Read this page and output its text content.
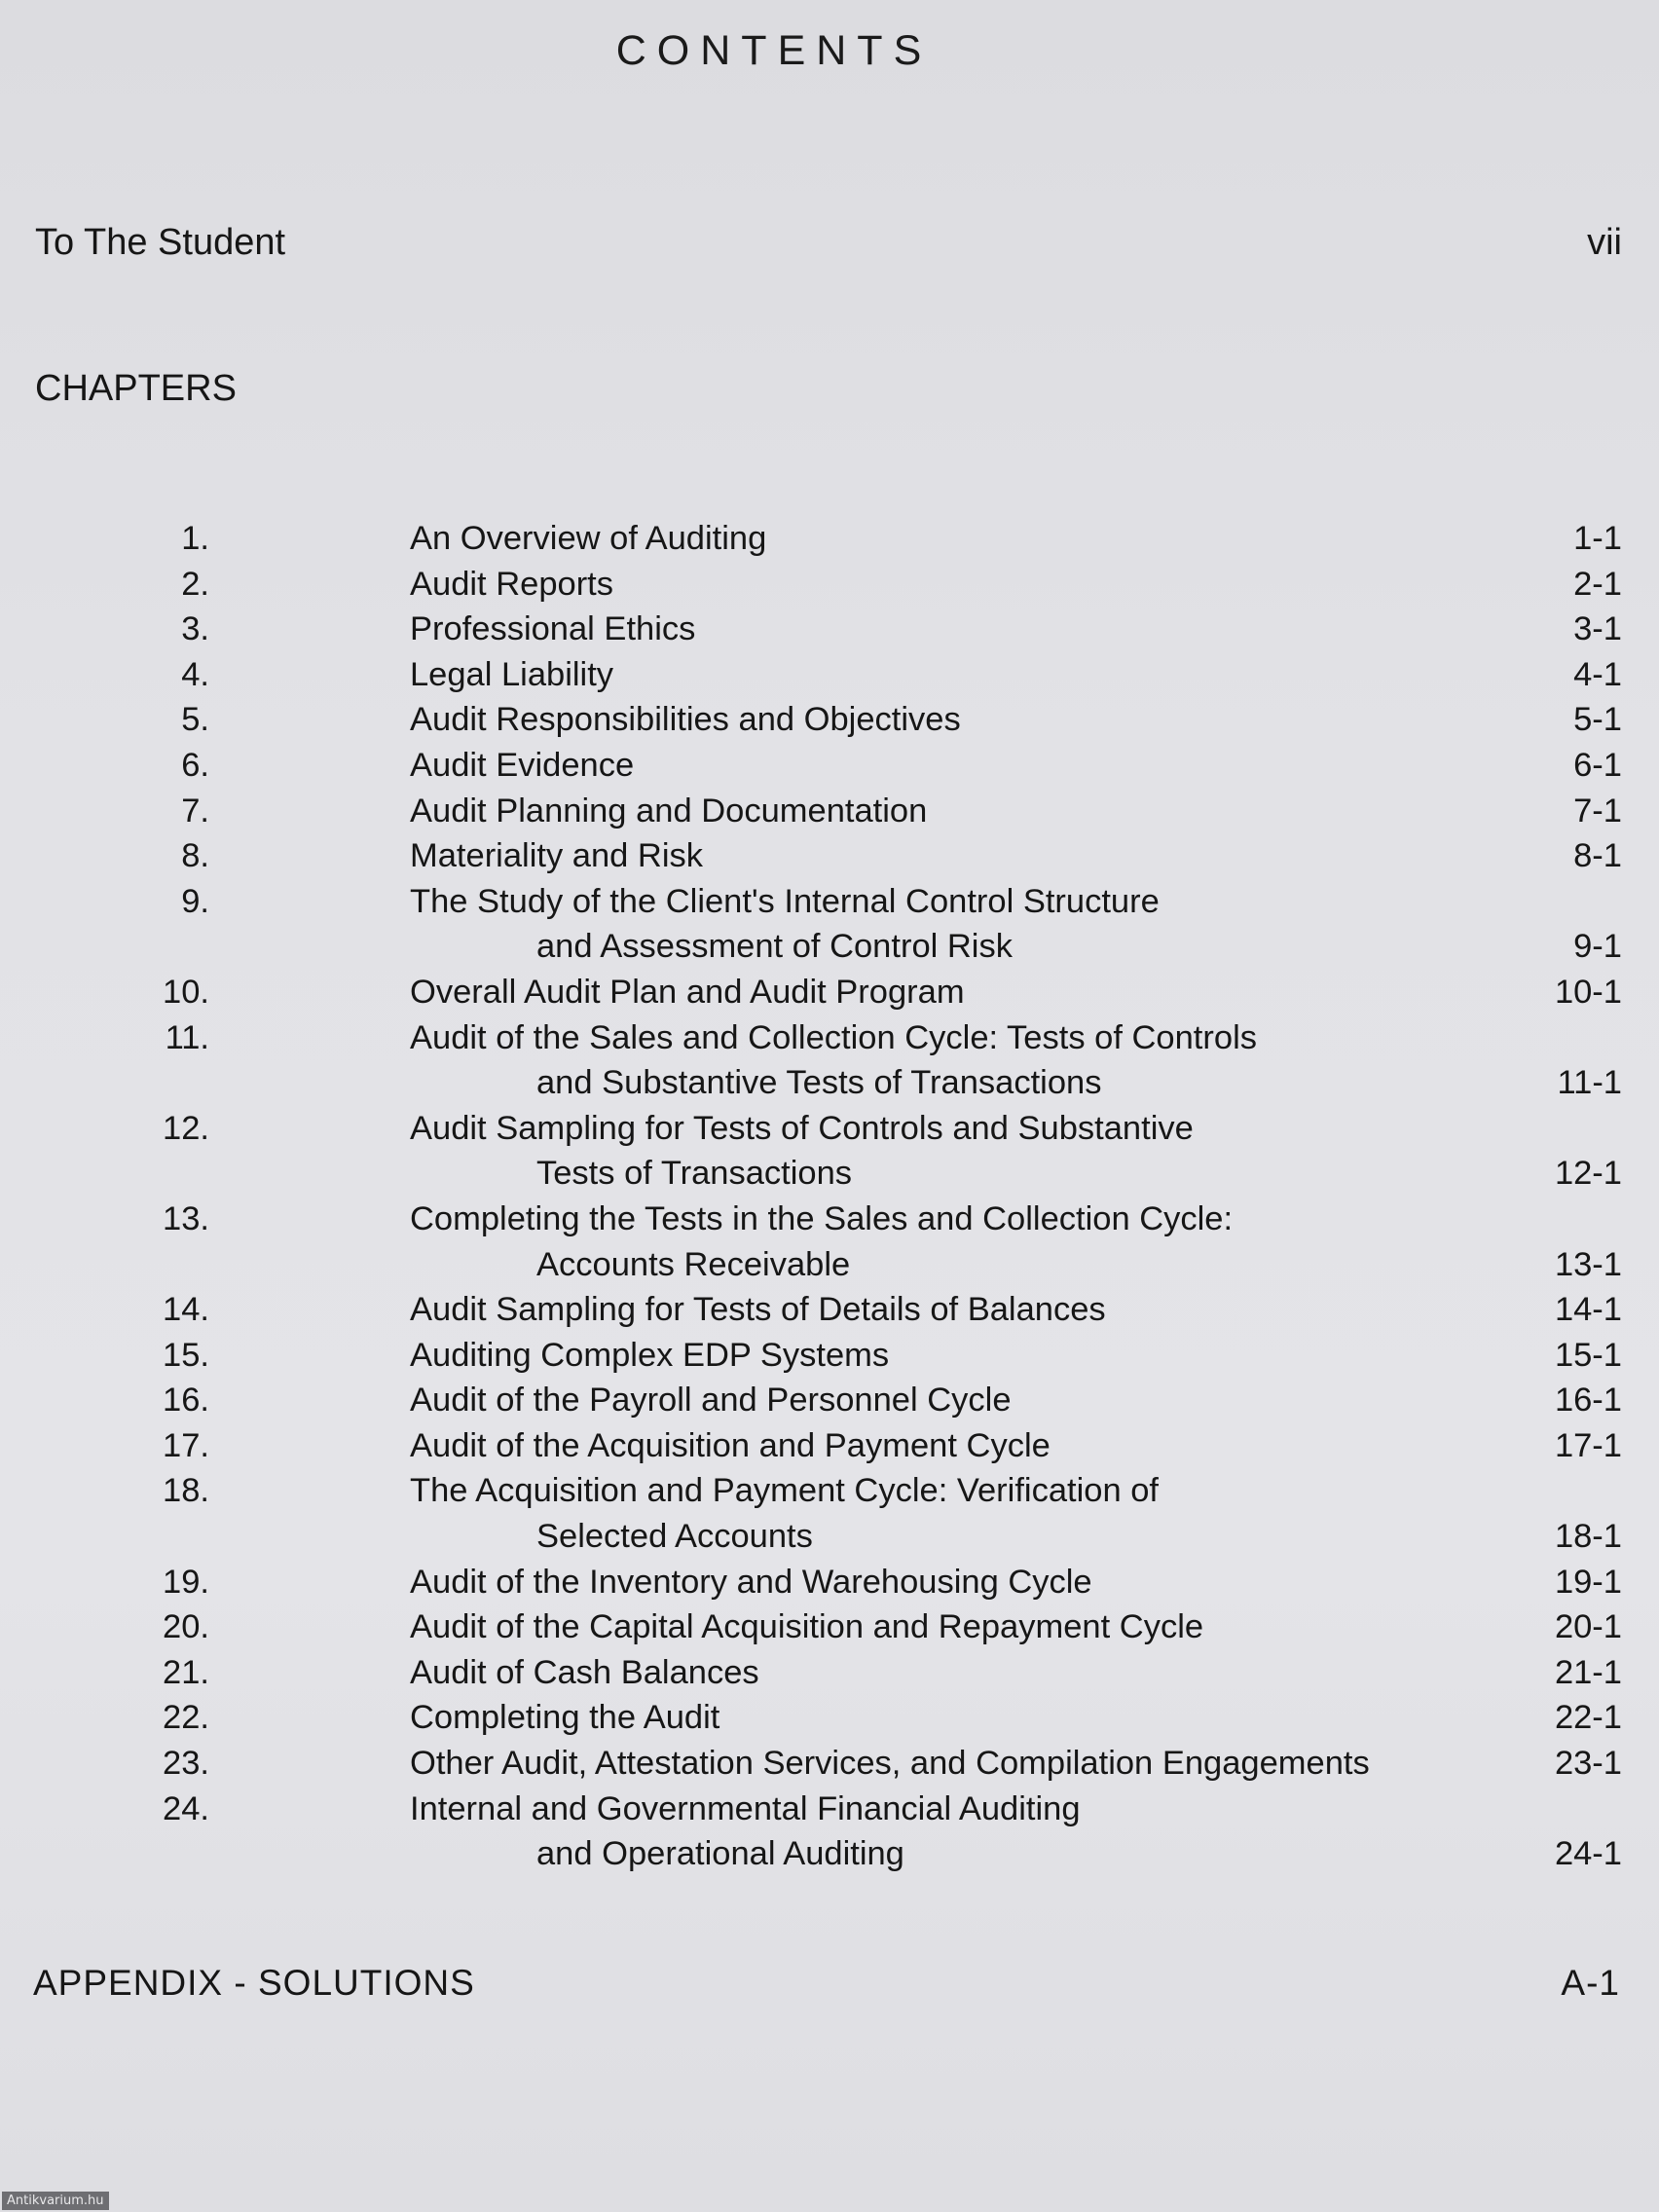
CONTENTS
To The Student	vii
CHAPTERS
1.	An Overview of Auditing	1-1
2.	Audit Reports	2-1
3.	Professional Ethics	3-1
4.	Legal Liability	4-1
5.	Audit Responsibilities and Objectives	5-1
6.	Audit Evidence	6-1
7.	Audit Planning and Documentation	7-1
8.	Materiality and Risk	8-1
9.	The Study of the Client's Internal Control Structure
and Assessment of Control Risk	9-1
10.	Overall Audit Plan and Audit Program	10-1
11.	Audit of the Sales and Collection Cycle: Tests of Controls
and Substantive Tests of Transactions	11-1
12.	Audit Sampling for Tests of Controls and Substantive
Tests of Transactions	12-1
13.	Completing the Tests in the Sales and Collection Cycle:
Accounts Receivable	13-1
14.	Audit Sampling for Tests of Details of Balances	14-1
15.	Auditing Complex EDP Systems	15-1
16.	Audit of the Payroll and Personnel Cycle	16-1
17.	Audit of the Acquisition and Payment Cycle	17-1
18.	The Acquisition and Payment Cycle: Verification of
Selected Accounts	18-1
19.	Audit of the Inventory and Warehousing Cycle	19-1
20.	Audit of the Capital Acquisition and Repayment Cycle	20-1
21.	Audit of Cash Balances	21-1
22.	Completing the Audit	22-1
23.	Other Audit, Attestation Services, and Compilation Engagements	23-1
24.	Internal and Governmental Financial Auditing
and Operational Auditing	24-1
APPENDIX - SOLUTIONS	A-1
Antikvarium.hu
